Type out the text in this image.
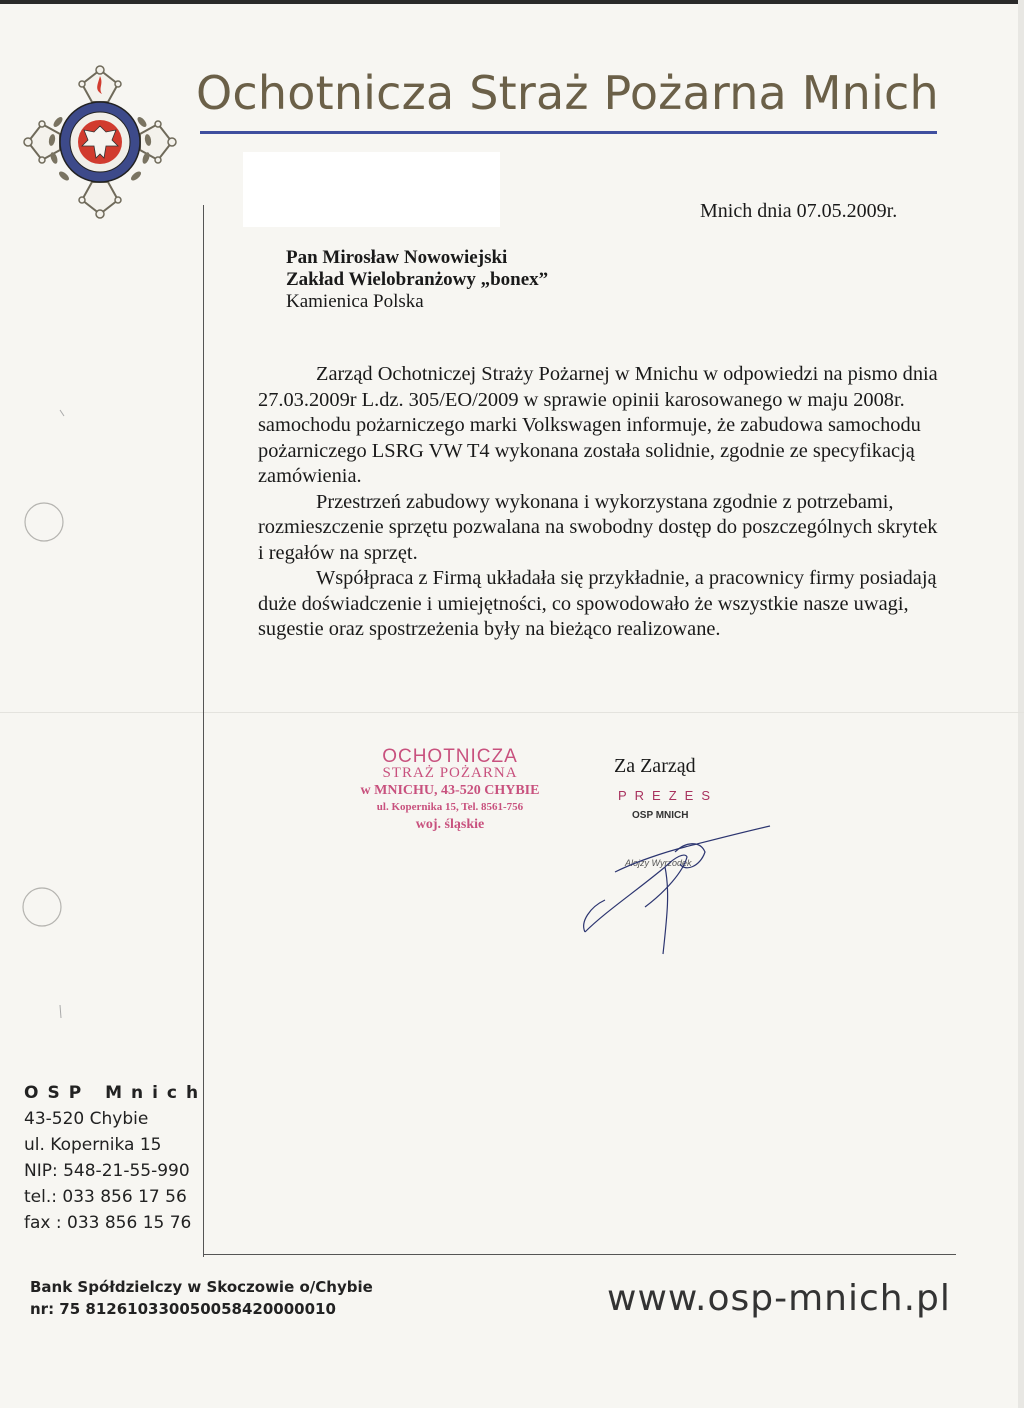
Ochotnicza Straż Pożarna Mnich
Mnich dnia 07.05.2009r.
Pan Mirosław Nowowiejski
Zakład Wielobranżowy „bonex”
Kamienica Polska

Zarząd Ochotniczej Straży Pożarnej w Mnichu w odpowiedzi na pismo dnia 27.03.2009r L.dz. 305/EO/2009 w sprawie opinii karosowanego w maju 2008r. samochodu pożarniczego marki Volkswagen informuje, że zabudowa samochodu pożarniczego LSRG VW T4 wykonana została solidnie, zgodnie ze specyfikacją zamówienia.

Przestrzeń zabudowy wykonana i wykorzystana zgodnie z potrzebami, rozmieszczenie sprzętu pozwalana na swobodny dostęp do poszczególnych skrytek i regałów na sprzęt.

Współpraca z Firmą układała się przykładnie, a pracownicy firmy posiadają duże doświadczenie i umiejętności, co spowodowało że wszystkie nasze uwagi, sugestie oraz spostrzeżenia były na bieżąco realizowane.

OCHOTNICZA
STRAŻ POŻARNA
w MNICHU, 43-520 CHYBIE
ul. Kopernika 15, Tel. 8561-756
woj. śląskie
Za Zarząd
PREZES
OSP MNICH
Alojzy Wyrzodek
OSP Mnich
43-520 Chybie
ul. Kopernika 15
NIP: 548-21-55-990
tel.: 033 856 17 56
fax : 033 856 15 76
Bank Spółdzielczy w Skoczowie o/Chybie
nr: 75 81261033005005842000001​0	www.osp-mnich.pl
